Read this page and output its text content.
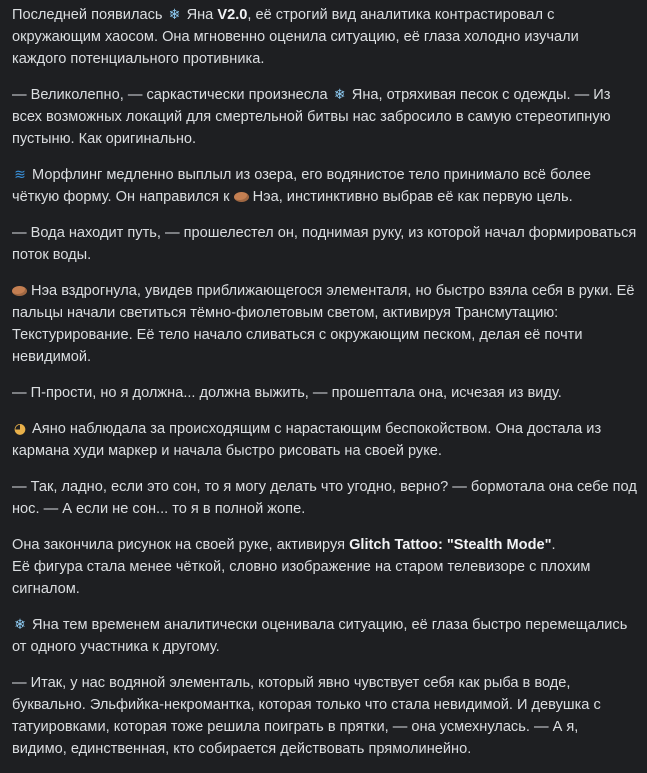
Последней появилась ❄ Яна V2.0, её строгий вид аналитика контрастировал с окружающим хаосом. Она мгновенно оценила ситуацию, её глаза холодно изучали каждого потенциального противника.

— Великолепно, — саркастически произнесла ❄ Яна, отряхивая песок с одежды. — Из всех возможных локаций для смертельной битвы нас забросило в самую стереотипную пустыню. Как оригинально.

≋ Морфлинг медленно выплыл из озера, его водянистое тело принимало всё более чёткую форму. Он направился к  Нэа, инстинктивно выбрав её как первую цель.

— Вода находит путь, — прошелестел он, поднимая руку, из которой начал формироваться поток воды.

Нэа вздрогнула, увидев приближающегося элементаля, но быстро взяла себя в руки. Её пальцы начали светиться тёмно-фиолетовым светом, активируя Трансмутацию: Текстурирование. Её тело начало сливаться с окружающим песком, делая её почти невидимой.

— П-прости, но я должна... должна выжить, — прошептала она, исчезая из виду.

◕ Аяно наблюдала за происходящим с нарастающим беспокойством. Она достала из кармана худи маркер и начала быстро рисовать на своей руке.

— Так, ладно, если это сон, то я могу делать что угодно, верно? — бормотала она себе под нос. — А если не сон... то я в полной жопе.

Она закончила рисунок на своей руке, активируя Glitch Tattoo: "Stealth Mode".
Её фигура стала менее чёткой, словно изображение на старом телевизоре с плохим сигналом.

❄ Яна тем временем аналитически оценивала ситуацию, её глаза быстро перемещались от одного участника к другому.

— Итак, у нас водяной элементаль, который явно чувствует себя как рыба в воде, буквально. Эльфийка-некромантка, которая только что стала невидимой. И девушка с татуировками, которая тоже решила поиграть в прятки, — она усмехнулась. — А я, видимо, единственная, кто собирается действовать прямолинейно.
